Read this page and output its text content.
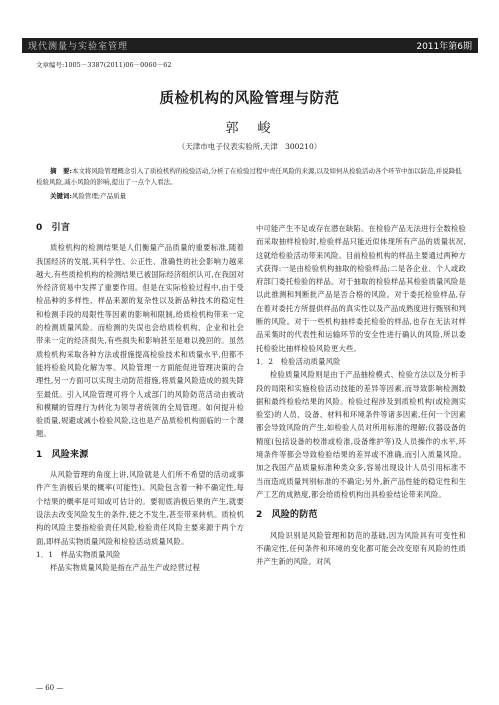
现代测量与实验室管理	2011年第6期
文章编号:1005－3387(2011)06－0060－62
质检机构的风险管理与防范
郭　峻
（天津市电子仪表实验所,天津　300210）
摘　要:本文将风险管理概念引入了质检机构的检验活动,分析了在检验过程中责任风险的来源,以及如何从检验活动各个环节中加以防范,并说降低检验风险,减小风险的影响,提出了一点个人看法。
关键词:风险管理;产品质量
0　引言

质检机构的检测结果是人们衡量产品质量的重要标准,随着我国经济的发展,其科学性、公正性、准确性的社会影响力越来越大,有些质检机构的检测结果已被国际经济组织认可,在我国对外经济贸易中发挥了重要作用。但是在实际检验过程中,由于受检品种的多样性、样品来源的复杂性以及新品种技术的稳定性和检测手段的局限性等因素的影响和限制,给质检机构带来一定的检测质量风险。而检测的失误也会给质检机构、企业和社会带来一定的经济损失,有些损失和影响甚至是难以挽回的。虽然质检机构采取各种方法或措施提高检验技术和质量水平,但都不能将检验风险化解为零。风险管理一方面能促进管理决策的合理性,另一方面可以实现主动防范措施,将质量风险造成的损失降至最低。引入风险管理可将个人或部门的风险防范活动由被动和模糊的管理行为转化为领导者统领的全局管理。如何提升检验质量,规避或减小检验风险,这也是产品质检机构面临的一个课题。

1　风险来源

从风险管理的角度上讲,风险就是人们所不希望的活动或事件产生消极后果的概率(可能性)。风险包含着一种不确定性,每个结果的概率是可知或可估计的。要彻底消极后果的产生,就要设法去改变风险发生的条件,使之不发生,甚至带来转机。质检机构的风险主要指检验责任风险,检验责任风险主要来源于两个方面,即样品实物质量风险和检验活动质量风险。

1．1　样品实物质量风险

样品实物质量风险是指在产品生产或经营过程

中可能产生不足或存在潜在缺陷。在检验产品无法进行全数检验而采取抽样检验时,检验样品只能近似体现所有产品的质量状况,这就给检验活动带来风险。目前检验机构的样品主要通过两种方式获得:一是由检验机构抽取的检验样品;二是各企业、个人或政府部门委托检验的样品。对于抽取的检验样品其检验质量风险是以此推测和判断批产品是否合格的风险。对于委托检验样品,存在着对委托方所提供样品的真实性以及产品成熟度进行甄别和判断的风险。对于一些机构抽样委托检验的样品,也存在无法对样品采集时的代表性和运输环节的安全性进行确认的风险,所以委托检验比抽样检验风险更大些。

1．2　检验活动质量风险

检验质量风险则是由于产品抽检模式、检验方法以及分析手段的局限和实施检验活动技能的差异等因素,而导致影响检测数据和最终检验结果的风险。检验过程涉及到质检机构(或检测实验室)的人员、设备、材料和环境条件等诸多因素,任何一个因素都会导致风险的产生,如检验人员对所用标准的理解;仪器设备的精度(包括设备的校准或检准,设备维护等)及人员操作的水平,环境条件等都会导致检验结果的差异或不准确,而引入质量风险。加之我国产品质量标准种类众多,容易出现设计人员引用标准不当而造成质量判别标准的不确定;另外,新产品性能的稳定性和生产工艺的成熟度,都会给质检机构出具检验结论带来风险。

2　风险的防范

风险识别是风险管理和防范的基础,因为风险具有可变性和不确定性,任何条件和环境的变化都可能会改变原有风险的性质并产生新的风险。对风

— 60 —
